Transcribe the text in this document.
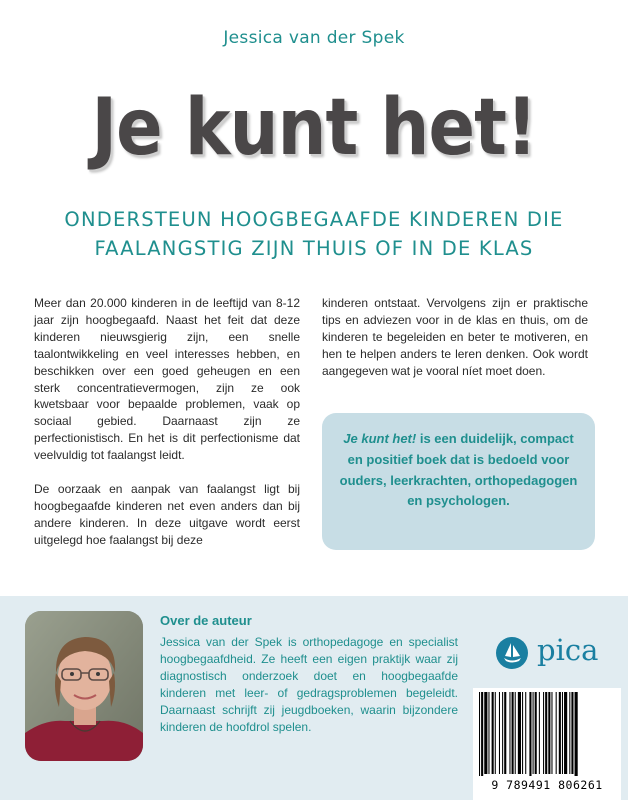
Jessica van der Spek
Je kunt het!
ONDERSTEUN HOOGBEGAAFDE KINDEREN DIE
FAALANGSTIG ZIJN THUIS OF IN DE KLAS

Meer dan 20.000 kinderen in de leeftijd van 8-12 jaar zijn hoogbegaafd. Naast het feit dat deze kinderen nieuwsgierig zijn, een snelle taalontwikkeling en veel interesses hebben, en beschikken over een goed geheugen en een sterk concentratievermogen, zijn ze ook kwetsbaar voor bepaalde problemen, vaak op sociaal gebied. Daarnaast zijn ze perfectionistisch. En het is dit perfectionisme dat veelvuldig tot faalangst leidt.

De oorzaak en aanpak van faalangst ligt bij hoogbegaafde kinderen net even anders dan bij andere kinderen. In deze uitgave wordt eerst uitgelegd hoe faalangst bij deze

kinderen ontstaat. Vervolgens zijn er praktische tips en adviezen voor in de klas en thuis, om de kinderen te begeleiden en beter te motiveren, en hen te helpen anders te leren denken. Ook wordt aangegeven wat je vooral níet moet doen.

Je kunt het! is een duidelijk, compact en positief boek dat is bedoeld voor ouders, leerkrachten, orthopedagogen en psychologen.
Over de auteur
Jessica van der Spek is orthopedagoge en specialist hoogbegaafdheid. Ze heeft een eigen praktijk waar zij diagnostisch onderzoek doet en hoogbegaafde kinderen met leer- of gedragsproblemen begeleidt. Daarnaast schrijft zij jeugdboeken, waarin bijzondere kinderen de hoofdrol spelen.
pica
9 789491 806261
